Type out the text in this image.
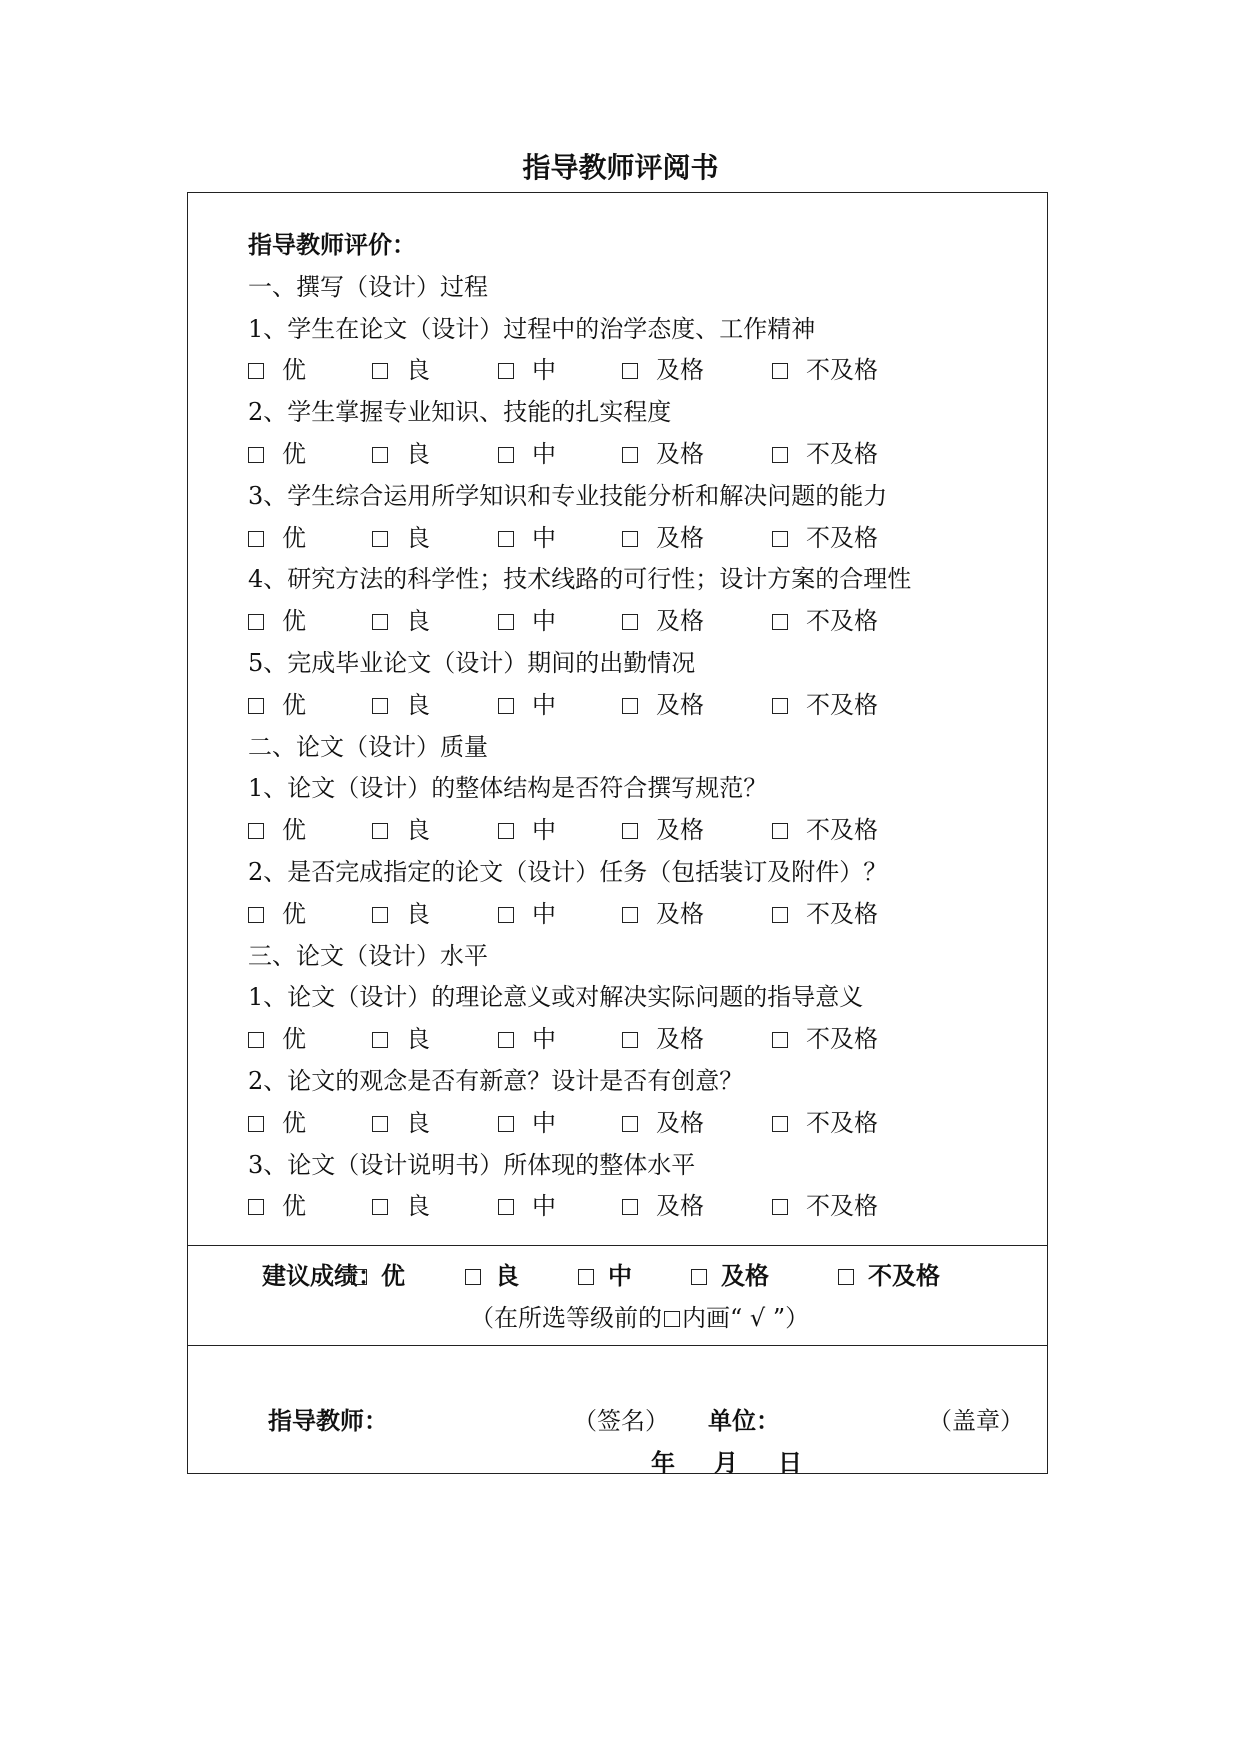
指导教师评阅书
指导教师评价：
一、撰写（设计）过程
1、学生在论文（设计）过程中的治学态度、工作精神
优	良	中	及格	不及格
2、学生掌握专业知识、技能的扎实程度
优	良	中	及格	不及格
3、学生综合运用所学知识和专业技能分析和解决问题的能力
优	良	中	及格	不及格
4、研究方法的科学性；技术线路的可行性；设计方案的合理性
优	良	中	及格	不及格
5、完成毕业论文（设计）期间的出勤情况
优	良	中	及格	不及格
二、论文（设计）质量
1、论文（设计）的整体结构是否符合撰写规范？
优	良	中	及格	不及格
2、是否完成指定的论文（设计）任务（包括装订及附件）？
优	良	中	及格	不及格
三、论文（设计）水平
1、论文（设计）的理论意义或对解决实际问题的指导意义
优	良	中	及格	不及格
2、论文的观念是否有新意？设计是否有创意？
优	良	中	及格	不及格
3、论文（设计说明书）所体现的整体水平
优	良	中	及格	不及格
建议成绩： 优	良	中	及格	不及格
（在所选等级前的 内画“ √ ”）
指导教师：	（签名） 单位：	（盖章）
年 月 日
